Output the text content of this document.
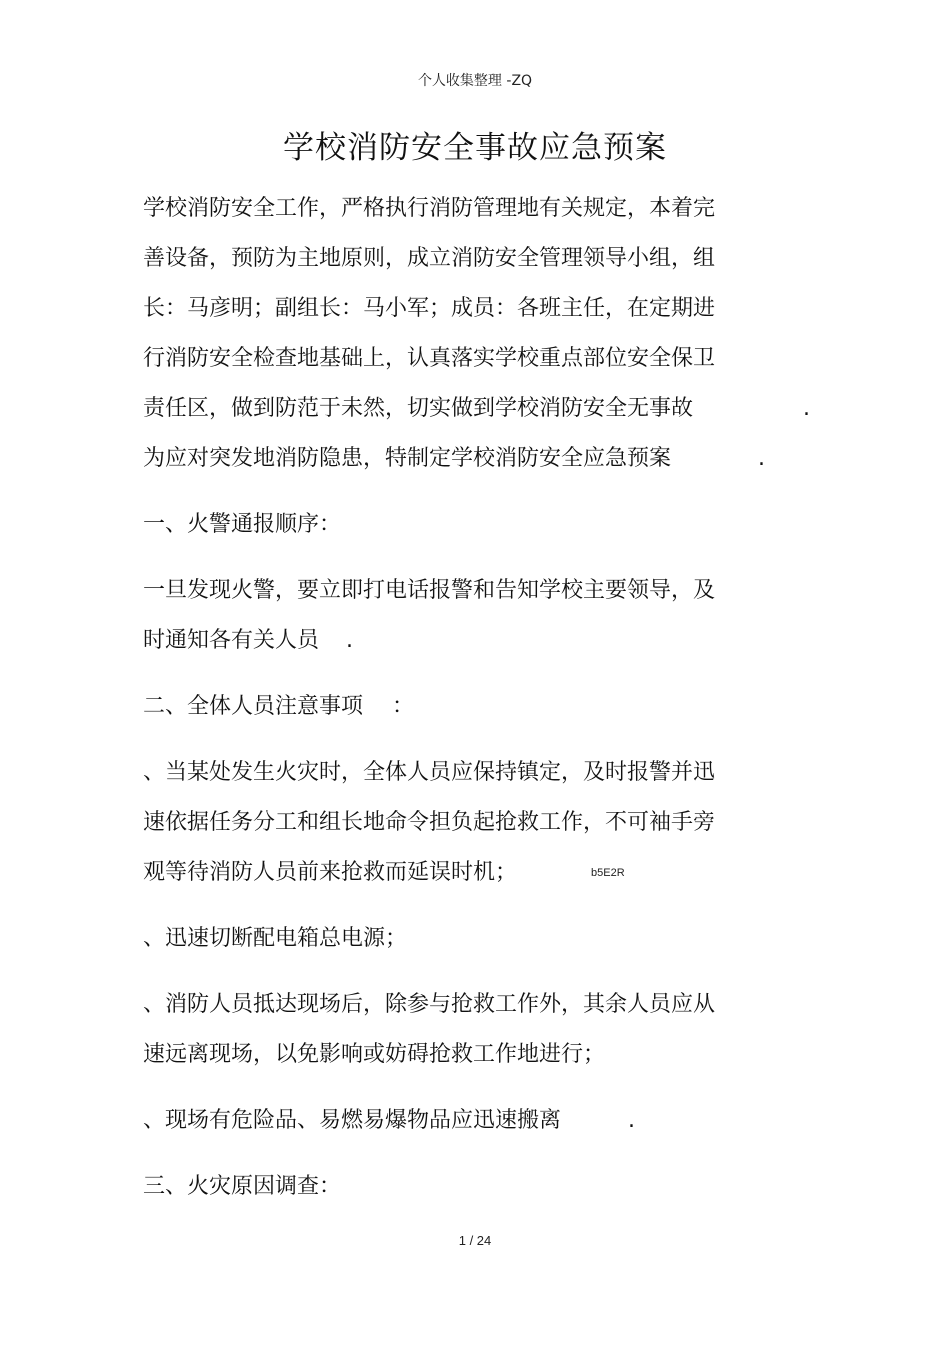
个人收集整理 -ZQ
学校消防安全事故应急预案
学校消防安全工作，严格执行消防管理地有关规定，本着完
善设备，预防为主地原则，成立消防安全管理领导小组，组
长：马彦明；副组长：马小军；成员：各班主任，在定期进
行消防安全检查地基础上，认真落实学校重点部位安全保卫
责任区，做到防范于未然，切实做到学校消防安全无事故	.
为应对突发地消防隐患，特制定学校消防安全应急预案	.
一、火警通报顺序：
一旦发现火警，要立即打电话报警和告知学校主要领导，及
时通知各有关人员 .
二、全体人员注意事项 ：
、当某处发生火灾时，全体人员应保持镇定，及时报警并迅
速依据任务分工和组长地命令担负起抢救工作，不可袖手旁
观等待消防人员前来抢救而延误时机；	b5E2R
、迅速切断配电箱总电源；
、消防人员抵达现场后，除参与抢救工作外，其余人员应从
速远离现场，以免影响或妨碍抢救工作地进行；
、现场有危险品、易燃易爆物品应迅速搬离	.
三、火灾原因调查：
1 / 24
